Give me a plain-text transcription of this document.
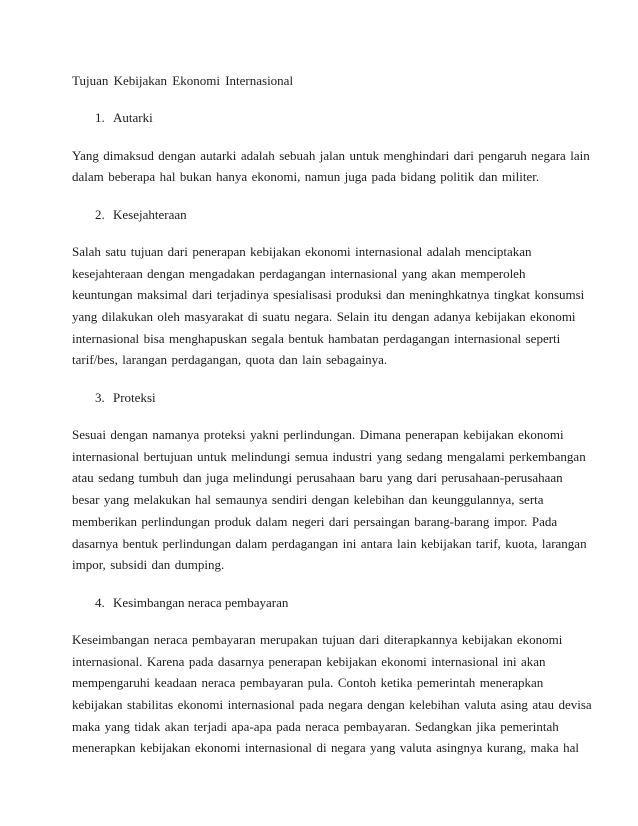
Tujuan Kebijakan Ekonomi Internasional
1. Autarki
Yang dimaksud dengan autarki adalah sebuah jalan untuk menghindari dari pengaruh negara lain
dalam beberapa hal bukan hanya ekonomi, namun juga pada bidang politik dan militer.
2. Kesejahteraan
Salah satu tujuan dari penerapan kebijakan ekonomi internasional adalah menciptakan
kesejahteraan dengan mengadakan perdagangan internasional yang akan memperoleh
keuntungan maksimal dari terjadinya spesialisasi produksi dan meninghkatnya tingkat konsumsi
yang dilakukan oleh masyarakat di suatu negara. Selain itu dengan adanya kebijakan ekonomi
internasional bisa menghapuskan segala bentuk hambatan perdagangan internasional seperti
tarif/bes, larangan perdagangan, quota dan lain sebagainya.
3. Proteksi
Sesuai dengan namanya proteksi yakni perlindungan. Dimana penerapan kebijakan ekonomi
internasional bertujuan untuk melindungi semua industri yang sedang mengalami perkembangan
atau sedang tumbuh dan juga melindungi perusahaan baru yang dari perusahaan-perusahaan
besar yang melakukan hal semaunya sendiri dengan kelebihan dan keunggulannya, serta
memberikan perlindungan produk dalam negeri dari persaingan barang-barang impor. Pada
dasarnya bentuk perlindungan dalam perdagangan ini antara lain kebijakan tarif, kuota, larangan
impor, subsidi dan dumping.
4. Kesimbangan neraca pembayaran
Keseimbangan neraca pembayaran merupakan tujuan dari diterapkannya kebijakan ekonomi
internasional. Karena pada dasarnya penerapan kebijakan ekonomi internasional ini akan
mempengaruhi keadaan neraca pembayaran pula. Contoh ketika pemerintah menerapkan
kebijakan stabilitas ekonomi internasional pada negara dengan kelebihan valuta asing atau devisa
maka yang tidak akan terjadi apa-apa pada neraca pembayaran. Sedangkan jika pemerintah
menerapkan kebijakan ekonomi internasional di negara yang valuta asingnya kurang, maka hal
